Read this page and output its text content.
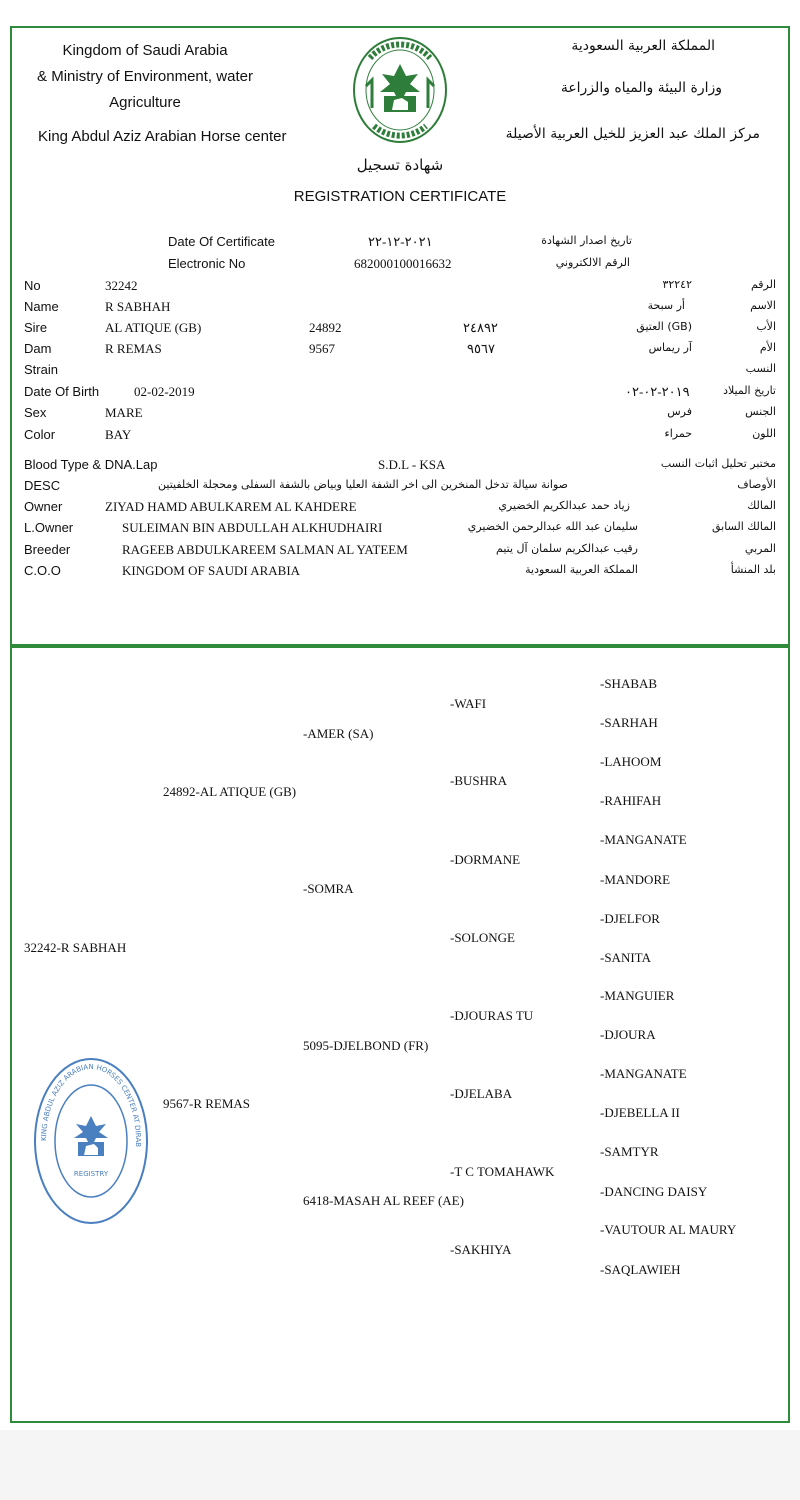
Kingdom of Saudi Arabia
& Ministry of Environment, water
Agriculture
King Abdul Aziz Arabian Horse center
المملكة العربية السعودية
وزارة البيئة والمياه والزراعة
مركز الملك عبد العزيز للخيل العربية الأصيلة
شهادة تسجيل
REGISTRATION CERTIFICATE
Date Of Certificate	٢٠٢١-١٢-٢٢	تاريخ اصدار الشهادة
Electronic No	682000100016632	الرقم الالكتروني
No	32242	٣٢٢٤٢	الرقم
Name	R SABHAH	أر سبحة	الاسم
Sire	AL ATIQUE (GB)	24892	٢٤٨٩٢	(GB) العتيق	الأب
Dam	R REMAS	9567	٩٥٦٧	آر ريماس	الأم
Strain	النسب
Date Of Birth	02-02-2019	٢٠١٩-٠٢-٠٢	تاريخ الميلاد
Sex	MARE	فرس	الجنس
Color	BAY	حمراء	اللون
Blood Type & DNA.Lap	S.D.L - KSA	مختبر تحليل اثبات النسب
DESC	صوانة سيالة تدخل المنخرين الى اخر الشفة العليا وبياض بالشفة السفلى ومحجلة الخلفيتين	الأوصاف
Owner	ZIYAD HAMD ABULKAREM AL KAHDERE	زياد حمد عبدالكريم الخضيري	المالك
L.Owner	SULEIMAN BIN ABDULLAH ALKHUDHAIRI	سليمان عبد الله عبدالرحمن الخضيري	المالك السابق
Breeder	RAGEEB ABDULKAREEM SALMAN AL YATEEM	رقيب عبدالكريم سلمان آل يتيم	المربي
C.O.O	KINGDOM OF SAUDI ARABIA	المملكة العربية السعودية	بلد المنشأ
32242-R SABHAH
24892-AL ATIQUE (GB)
9567-R REMAS
-AMER (SA)
-SOMRA
5095-DJELBOND (FR)
6418-MASAH AL REEF (AE)
-WAFI
-BUSHRA
-DORMANE
-SOLONGE
-DJOURAS TU
-DJELABA
-T C TOMAHAWK
-SAKHIYA
-SHABAB
-SARHAH
-LAHOOM
-RAHIFAH
-MANGANATE
-MANDORE
-DJELFOR
-SANITA
-MANGUIER
-DJOURA
-MANGANATE
-DJEBELLA II
-SAMTYR
-DANCING DAISY
-VAUTOUR AL MAURY
-SAQLAWIEH
KING ABDUL AZIZ ARABIAN HORSES CENTER AT DIRAB
REGISTRY
